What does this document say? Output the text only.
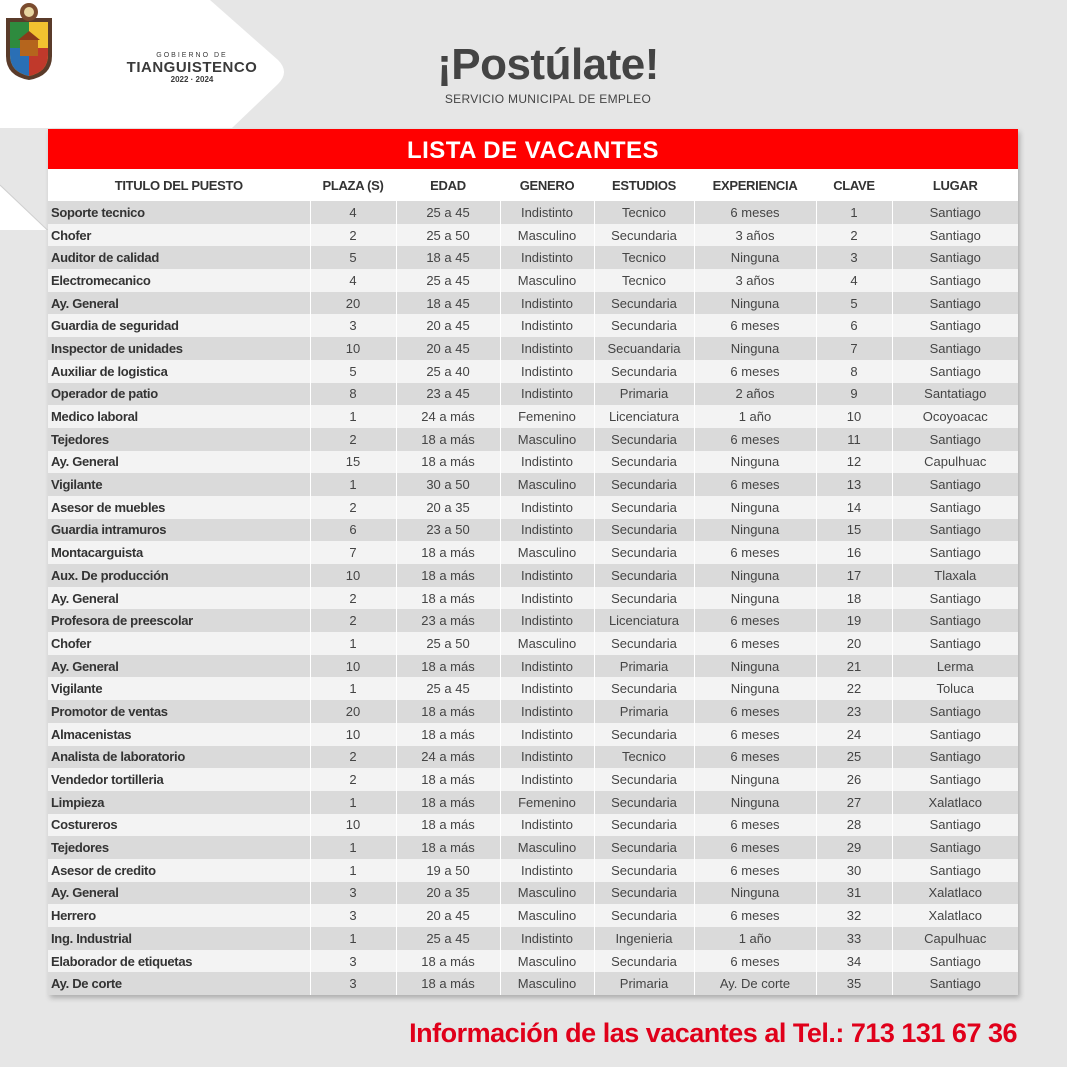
GOBIERNO DE
TIANGUISTENCO
2022 · 2024	¡Postúlate!
SERVICIO MUNICIPAL DE EMPLEO
LISTA DE VACANTES
TITULO DEL PUESTO	PLAZA (S)	EDAD	GENERO	ESTUDIOS	EXPERIENCIA	CLAVE	LUGAR
Soporte tecnico	4	25 a 45	Indistinto	Tecnico	6 meses	1	Santiago
Chofer	2	25 a 50	Masculino	Secundaria	3 años	2	Santiago
Auditor de calidad	5	18 a 45	Indistinto	Tecnico	Ninguna	3	Santiago
Electromecanico	4	25 a 45	Masculino	Tecnico	3 años	4	Santiago
Ay. General	20	18 a 45	Indistinto	Secundaria	Ninguna	5	Santiago
Guardia de seguridad	3	20 a 45	Indistinto	Secundaria	6 meses	6	Santiago
Inspector de unidades	10	20 a 45	Indistinto	Secuandaria	Ninguna	7	Santiago
Auxiliar de logistica	5	25 a 40	Indistinto	Secundaria	6 meses	8	Santiago
Operador de patio	8	23 a 45	Indistinto	Primaria	2 años	9	Santatiago
Medico laboral	1	24 a más	Femenino	Licenciatura	1 año	10	Ocoyoacac
Tejedores	2	18 a más	Masculino	Secundaria	6 meses	11	Santiago
Ay. General	15	18 a más	Indistinto	Secundaria	Ninguna	12	Capulhuac
Vigilante	1	30 a 50	Masculino	Secundaria	6 meses	13	Santiago
Asesor de muebles	2	20 a 35	Indistinto	Secundaria	Ninguna	14	Santiago
Guardia intramuros	6	23 a 50	Indistinto	Secundaria	Ninguna	15	Santiago
Montacarguista	7	18 a más	Masculino	Secundaria	6 meses	16	Santiago
Aux. De producción	10	18 a más	Indistinto	Secundaria	Ninguna	17	Tlaxala
Ay. General	2	18 a más	Indistinto	Secundaria	Ninguna	18	Santiago
Profesora de preescolar	2	23 a más	Indistinto	Licenciatura	6 meses	19	Santiago
Chofer	1	25 a 50	Masculino	Secundaria	6 meses	20	Santiago
Ay. General	10	18 a más	Indistinto	Primaria	Ninguna	21	Lerma
Vigilante	1	25 a 45	Indistinto	Secundaria	Ninguna	22	Toluca
Promotor de ventas	20	18 a más	Indistinto	Primaria	6 meses	23	Santiago
Almacenistas	10	18 a más	Indistinto	Secundaria	6 meses	24	Santiago
Analista de laboratorio	2	24 a más	Indistinto	Tecnico	6 meses	25	Santiago
Vendedor tortilleria	2	18 a más	Indistinto	Secundaria	Ninguna	26	Santiago
Limpieza	1	18 a más	Femenino	Secundaria	Ninguna	27	Xalatlaco
Costureros	10	18 a más	Indistinto	Secundaria	6 meses	28	Santiago
Tejedores	1	18 a más	Masculino	Secundaria	6 meses	29	Santiago
Asesor de credito	1	19 a 50	Indistinto	Secundaria	6 meses	30	Santiago
Ay. General	3	20 a 35	Masculino	Secundaria	Ninguna	31	Xalatlaco
Herrero	3	20 a 45	Masculino	Secundaria	6 meses	32	Xalatlaco
Ing. Industrial	1	25 a 45	Indistinto	Ingenieria	1 año	33	Capulhuac
Elaborador de etiquetas	3	18 a más	Masculino	Secundaria	6 meses	34	Santiago
Ay. De corte	3	18 a más	Masculino	Primaria	Ay. De corte	35	Santiago
Información de las vacantes al Tel.: 713 131 67 36
